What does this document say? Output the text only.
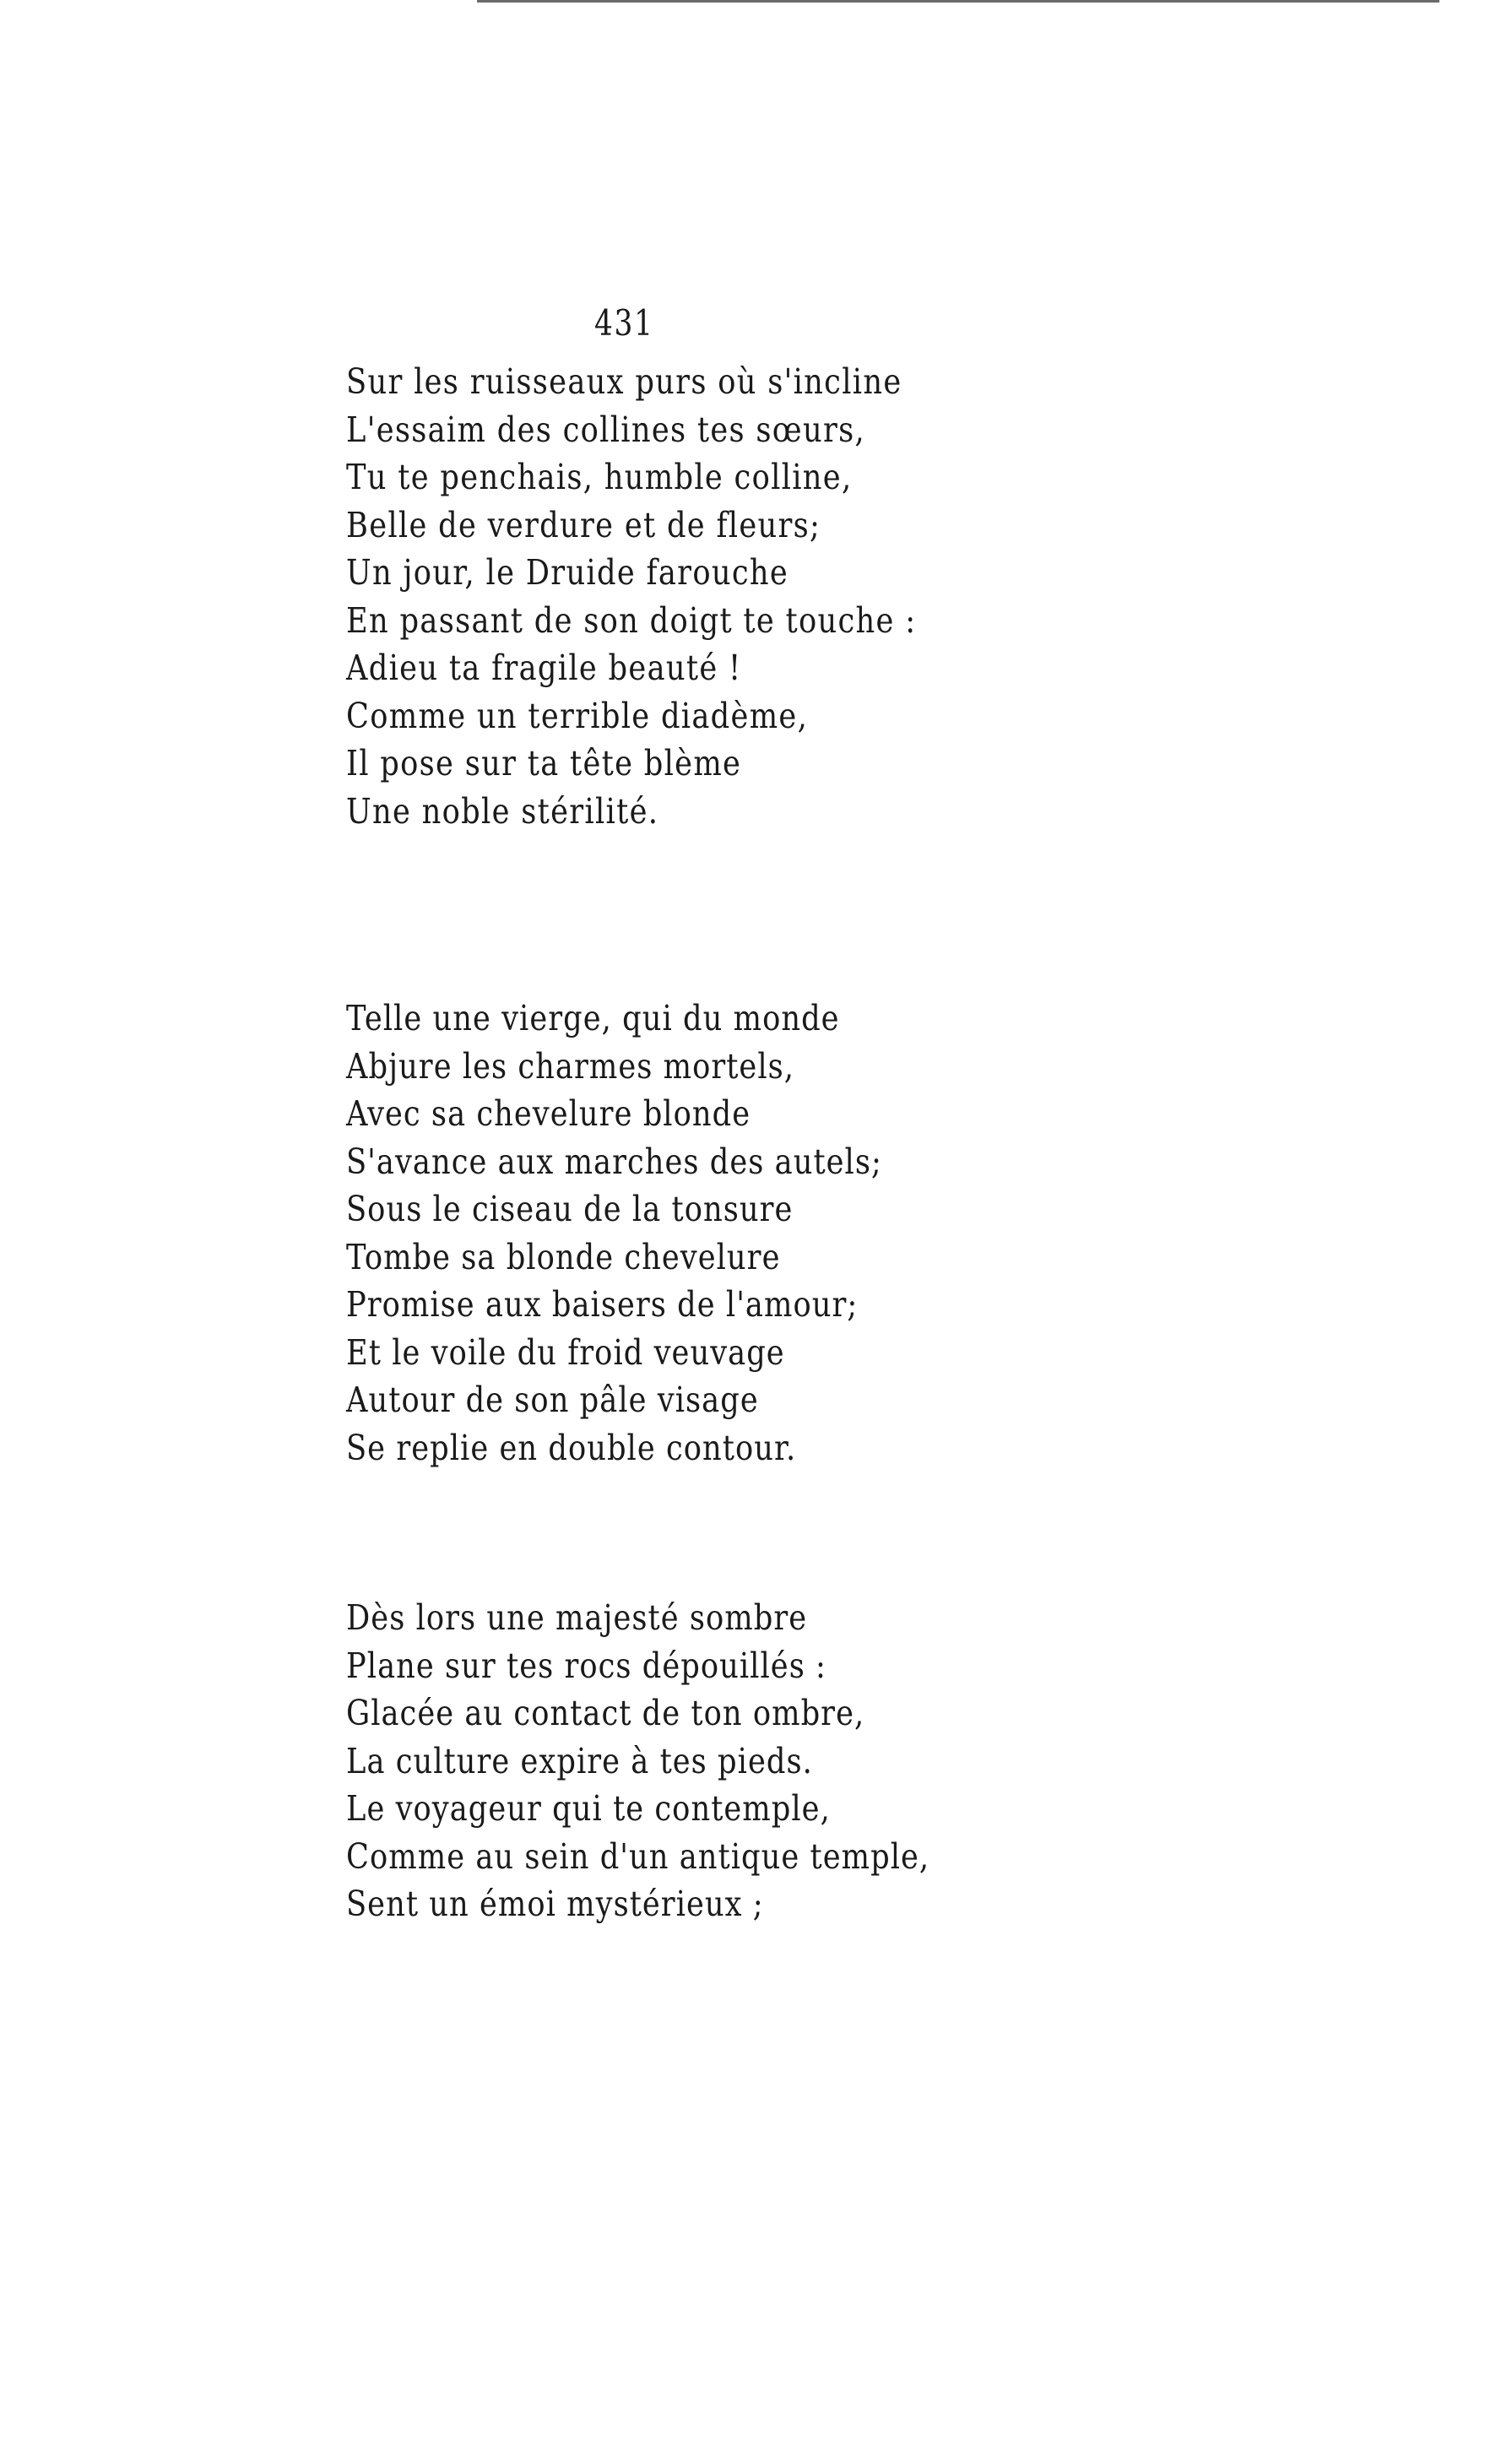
431
Sur les ruisseaux purs où s'incline
L'essaim des collines tes sœurs,
Tu te penchais, humble colline,
Belle de verdure et de fleurs;
Un jour, le Druide farouche
En passant de son doigt te touche :
Adieu ta fragile beauté !
Comme un terrible diadème,
Il pose sur ta tête blème
Une noble stérilité.
Telle une vierge, qui du monde
Abjure les charmes mortels,
Avec sa chevelure blonde
S'avance aux marches des autels;
Sous le ciseau de la tonsure
Tombe sa blonde chevelure
Promise aux baisers de l'amour;
Et le voile du froid veuvage
Autour de son pâle visage
Se replie en double contour.
Dès lors une majesté sombre
Plane sur tes rocs dépouillés :
Glacée au contact de ton ombre,
La culture expire à tes pieds.
Le voyageur qui te contemple,
Comme au sein d'un antique temple,
Sent un émoi mystérieux ;
